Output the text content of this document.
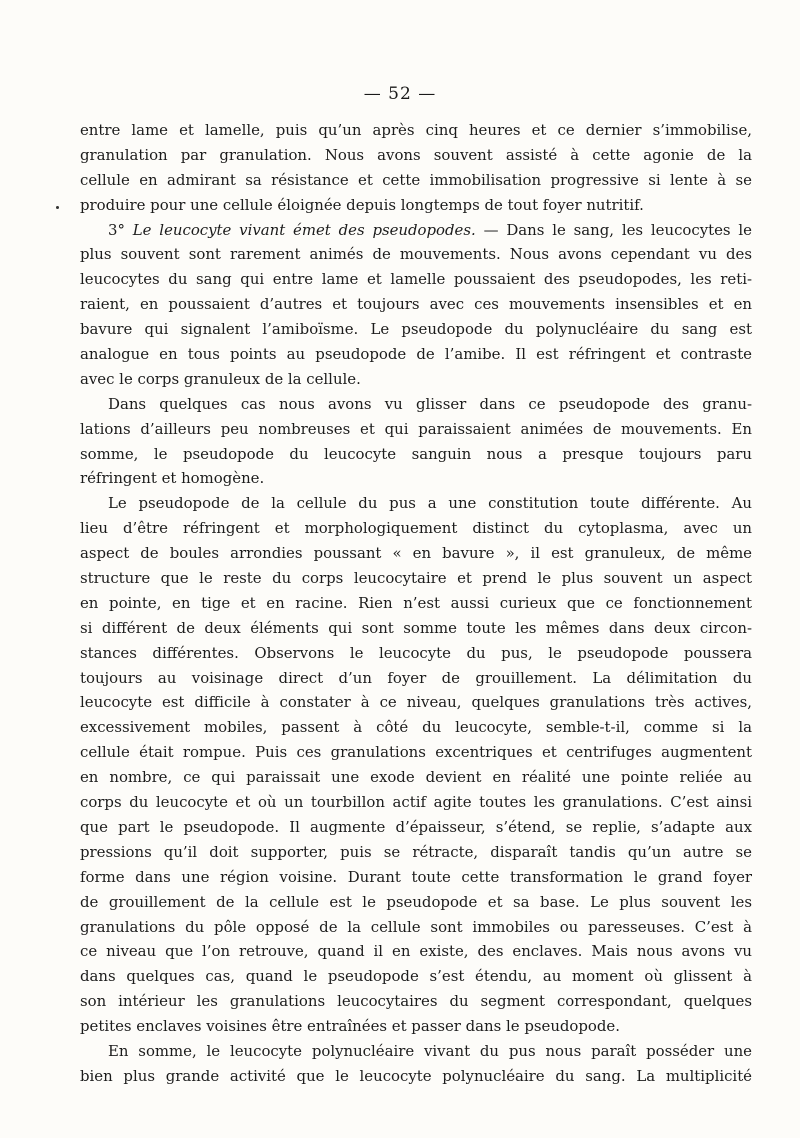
— 52 —
entre lame et lamelle, puis qu’un après cinq heures et ce dernier s’immobilise,
granulation par granulation. Nous avons souvent assisté à cette agonie de la
cellule en admirant sa résistance et cette immobilisation progressive si lente à se
produire pour une cellule éloignée depuis longtemps de tout foyer nutritif.
3° Le leucocyte vivant émet des pseudopodes. — Dans le sang, les leucocytes le
plus souvent sont rarement animés de mouvements. Nous avons cependant vu des
leucocytes du sang qui entre lame et lamelle poussaient des pseudopodes, les reti-
raient, en poussaient d’autres et toujours avec ces mouvements insensibles et en
bavure qui signalent l’amiboïsme. Le pseudopode du polynucléaire du sang est
analogue en tous points au pseudopode de l’amibe. Il est réfringent et contraste
avec le corps granuleux de la cellule.
Dans quelques cas nous avons vu glisser dans ce pseudopode des granu-
lations d’ailleurs peu nombreuses et qui paraissaient animées de mouvements. En
somme, le pseudopode du leucocyte sanguin nous a presque toujours paru
réfringent et homogène.
Le pseudopode de la cellule du pus a une constitution toute différente. Au
lieu d’être réfringent et morphologiquement distinct du cytoplasma, avec un
aspect de boules arrondies poussant « en bavure », il est granuleux, de même
structure que le reste du corps leucocytaire et prend le plus souvent un aspect
en pointe, en tige et en racine. Rien n’est aussi curieux que ce fonctionnement
si différent de deux éléments qui sont somme toute les mêmes dans deux circon-
stances différentes. Observons le leucocyte du pus, le pseudopode poussera
toujours au voisinage direct d’un foyer de grouillement. La délimitation du
leucocyte est difficile à constater à ce niveau, quelques granulations très actives,
excessivement mobiles, passent à côté du leucocyte, semble-t-il, comme si la
cellule était rompue. Puis ces granulations excentriques et centrifuges augmentent
en nombre, ce qui paraissait une exode devient en réalité une pointe reliée au
corps du leucocyte et où un tourbillon actif agite toutes les granulations. C’est ainsi
que part le pseudopode. Il augmente d’épaisseur, s’étend, se replie, s’adapte aux
pressions qu’il doit supporter, puis se rétracte, disparaît tandis qu’un autre se
forme dans une région voisine. Durant toute cette transformation le grand foyer
de grouillement de la cellule est le pseudopode et sa base. Le plus souvent les
granulations du pôle opposé de la cellule sont immobiles ou paresseuses. C’est à
ce niveau que l’on retrouve, quand il en existe, des enclaves. Mais nous avons vu
dans quelques cas, quand le pseudopode s’est étendu, au moment où glissent à
son intérieur les granulations leucocytaires du segment correspondant, quelques
petites enclaves voisines être entraînées et passer dans le pseudopode.
En somme, le leucocyte polynucléaire vivant du pus nous paraît posséder une
bien plus grande activité que le leucocyte polynucléaire du sang. La multiplicité
